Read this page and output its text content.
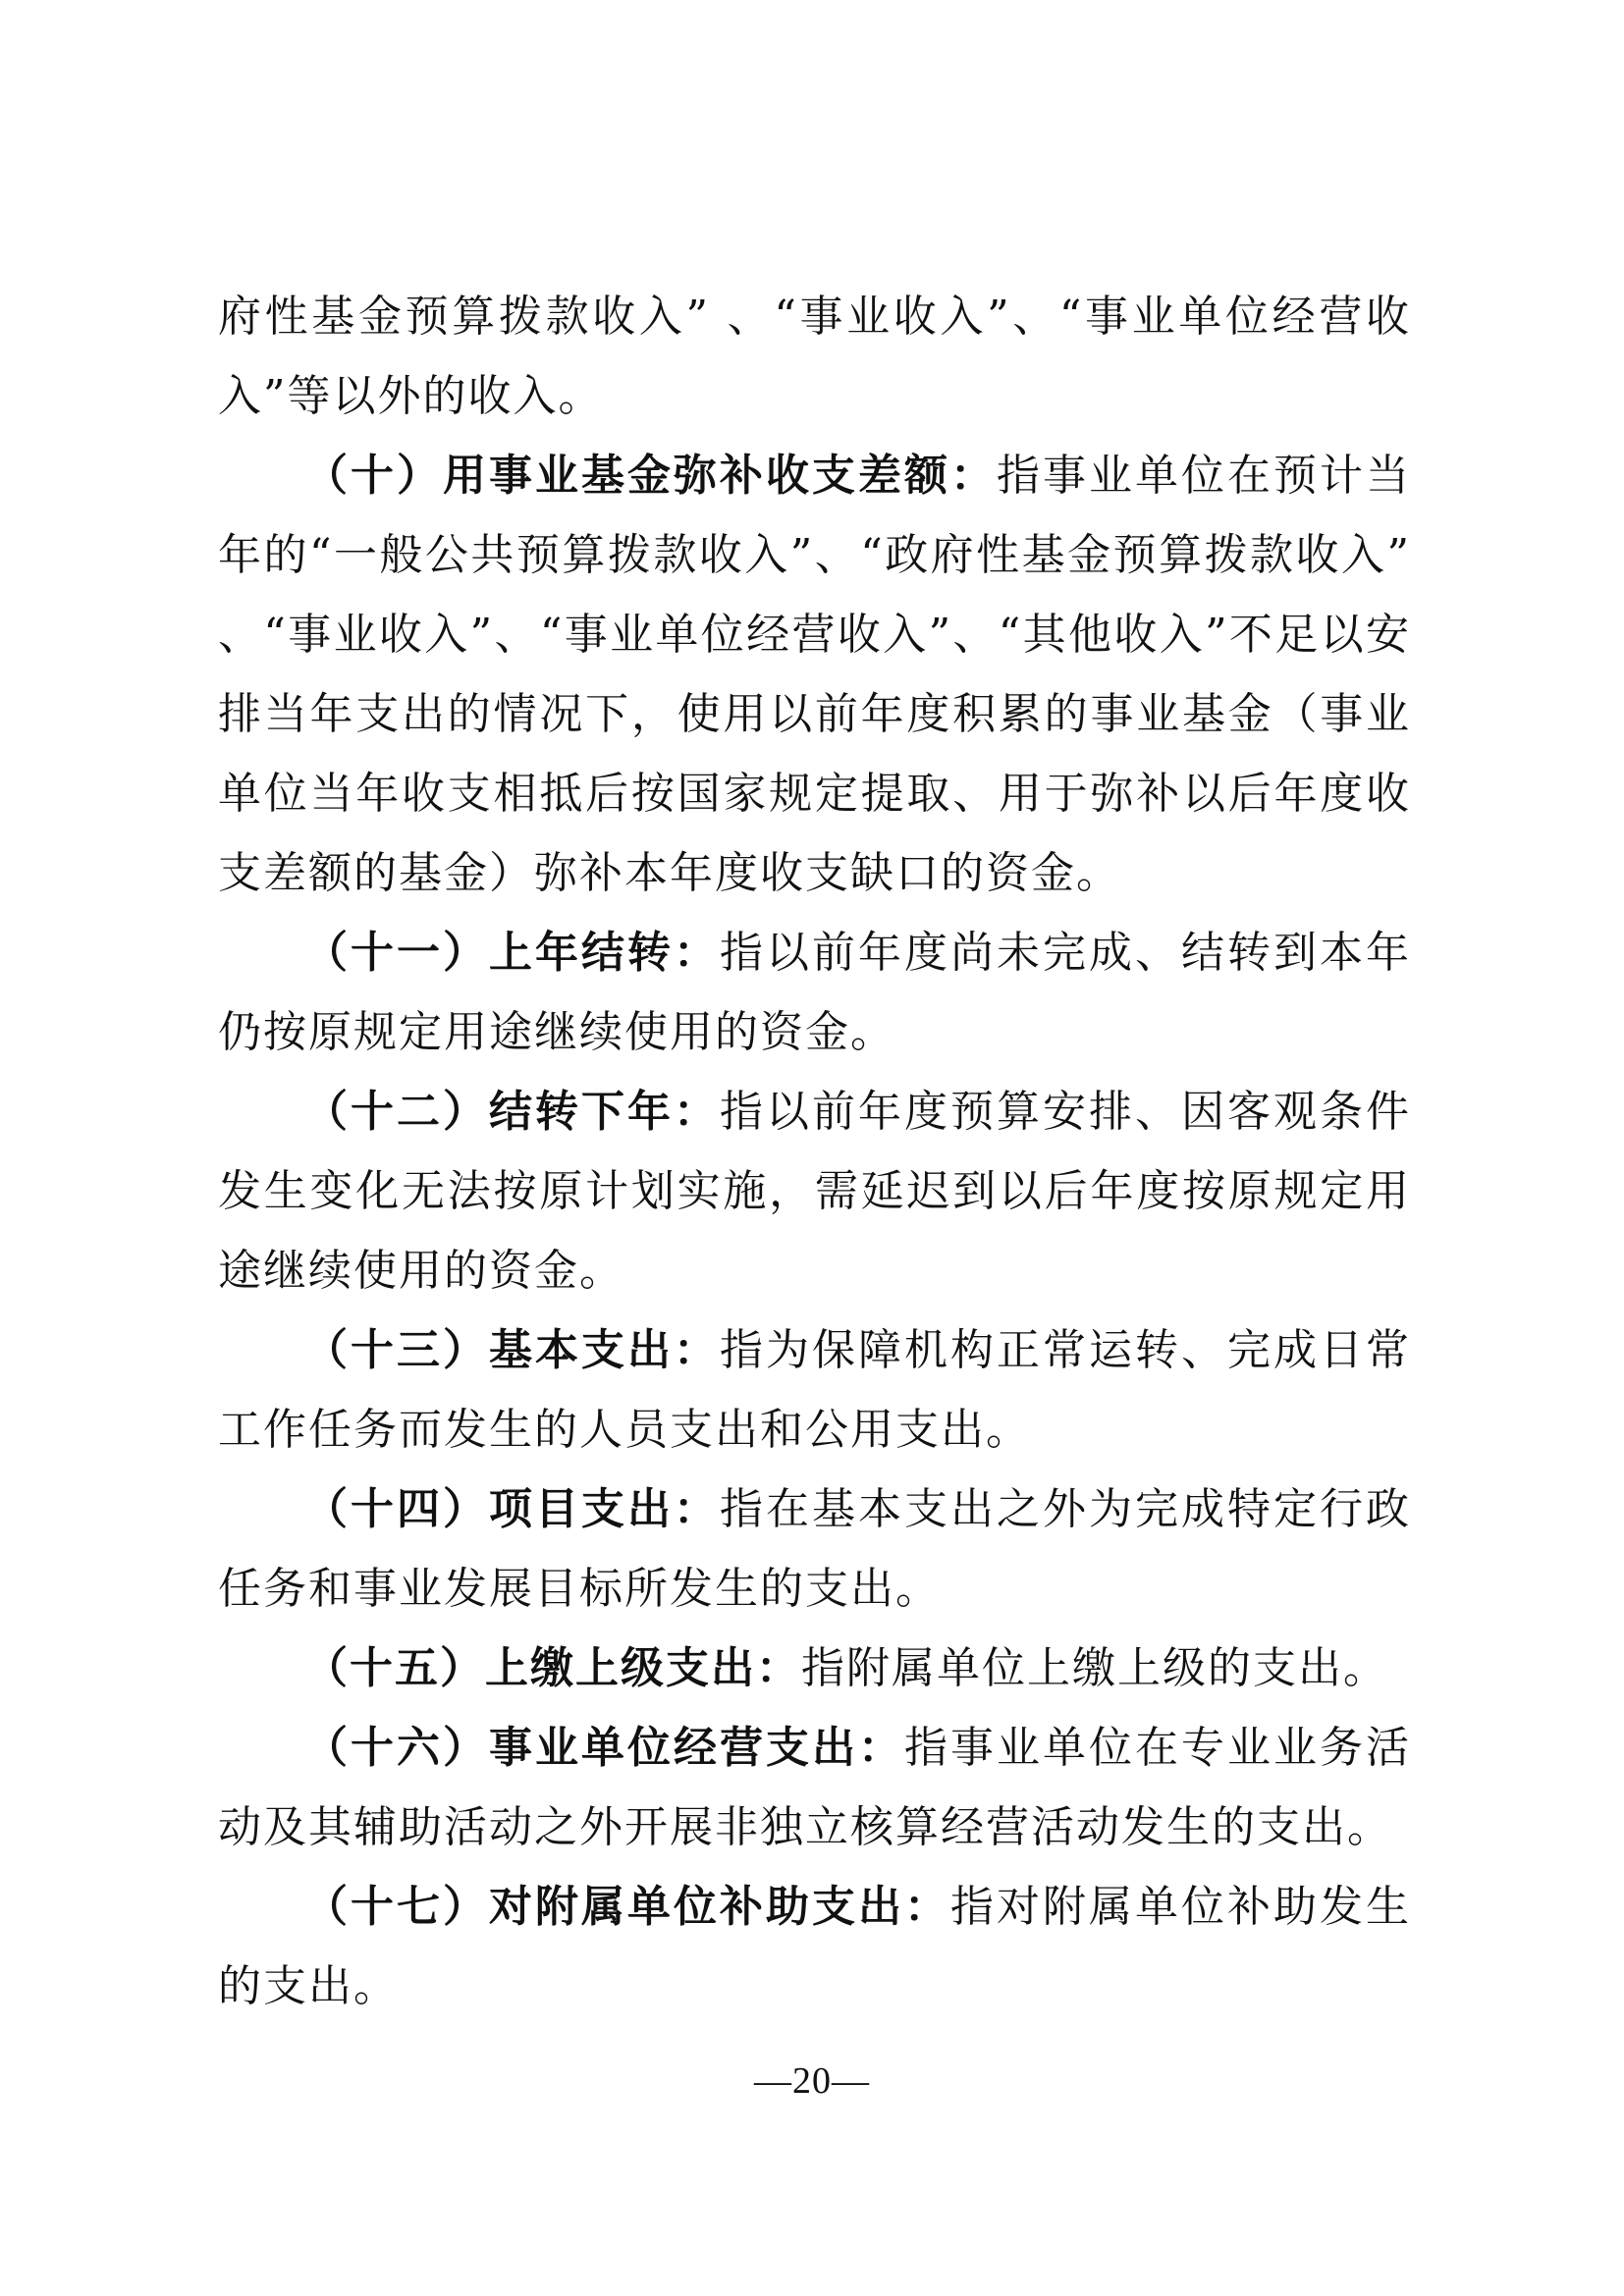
府性基金预算拨款收入” 、“事业收入”、“事业单位经营收入”等以外的收入。

（十）用事业基金弥补收支差额：指事业单位在预计当年的“一般公共预算拨款收入”、“政府性基金预算拨款收入” 、“事业收入”、“事业单位经营收入”、“其他收入”不足以安排当年支出的情况下，使用以前年度积累的事业基金（事业单位当年收支相抵后按国家规定提取、用于弥补以后年度收支差额的基金）弥补本年度收支缺口的资金。

（十一）上年结转：指以前年度尚未完成、结转到本年仍按原规定用途继续使用的资金。

（十二）结转下年：指以前年度预算安排、因客观条件发生变化无法按原计划实施，需延迟到以后年度按原规定用途继续使用的资金。

（十三）基本支出：指为保障机构正常运转、完成日常工作任务而发生的人员支出和公用支出。

（十四）项目支出：指在基本支出之外为完成特定行政任务和事业发展目标所发生的支出。

（十五）上缴上级支出：指附属单位上缴上级的支出。

（十六）事业单位经营支出：指事业单位在专业业务活动及其辅助活动之外开展非独立核算经营活动发生的支出。

（十七）对附属单位补助支出：指对附属单位补助发生的支出。

—20—
